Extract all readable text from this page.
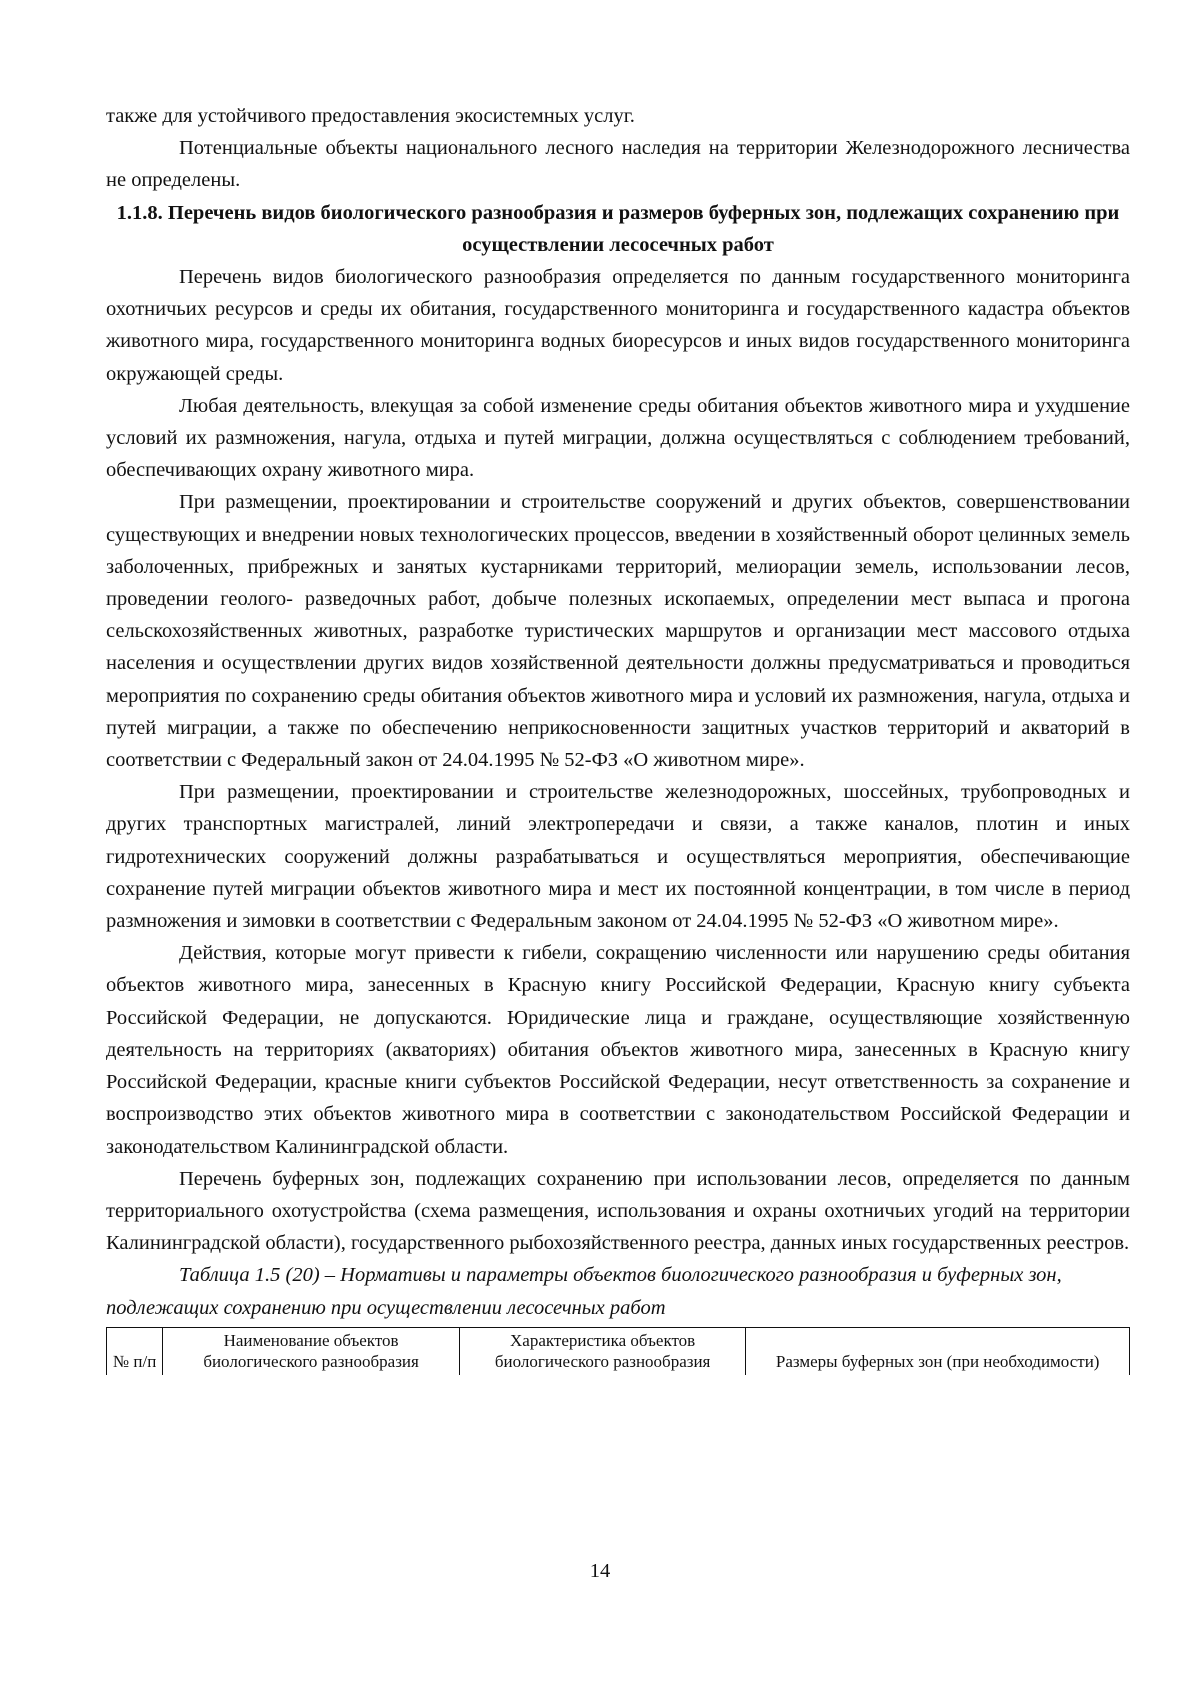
также для устойчивого предоставления экосистемных услуг.

Потенциальные объекты национального лесного наследия на территории Железнодорожного лесничества не определены.

1.1.8. Перечень видов биологического разнообразия и размеров буферных зон, подлежащих сохранению при осуществлении лесосечных работ

Перечень видов биологического разнообразия определяется по данным государственного мониторинга охотничьих ресурсов и среды их обитания, государственного мониторинга и государственного кадастра объектов животного мира, государственного мониторинга водных биоресурсов и иных видов государственного мониторинга окружающей среды.

Любая деятельность, влекущая за собой изменение среды обитания объектов животного мира и ухудшение условий их размножения, нагула, отдыха и путей миграции, должна осуществляться с соблюдением требований, обеспечивающих охрану животного мира.

При размещении, проектировании и строительстве сооружений и других объектов, совершенствовании существующих и внедрении новых технологических процессов, введении в хозяйственный оборот целинных земель заболоченных, прибрежных и занятых кустарниками территорий, мелиорации земель, использовании лесов, проведении геолого- разведочных работ, добыче полезных ископаемых, определении мест выпаса и прогона сельскохозяйственных животных, разработке туристических маршрутов и организации мест массового отдыха населения и осуществлении других видов хозяйственной деятельности должны предусматриваться и проводиться мероприятия по сохранению среды обитания объектов животного мира и условий их размножения, нагула, отдыха и путей миграции, а также по обеспечению неприкосновенности защитных участков территорий и акваторий в соответствии с Федеральный закон от 24.04.1995 № 52-ФЗ «О животном мире».

При размещении, проектировании и строительстве железнодорожных, шоссейных, трубопроводных и других транспортных магистралей, линий электропередачи и связи, а также каналов, плотин и иных гидротехнических сооружений должны разрабатываться и осуществляться мероприятия, обеспечивающие сохранение путей миграции объектов животного мира и мест их постоянной концентрации, в том числе в период размножения и зимовки в соответствии с Федеральным законом от 24.04.1995 № 52-ФЗ «О животном мире».

Действия, которые могут привести к гибели, сокращению численности или нарушению среды обитания объектов животного мира, занесенных в Красную книгу Российской Федерации, Красную книгу субъекта Российской Федерации, не допускаются. Юридические лица и граждане, осуществляющие хозяйственную деятельность на территориях (акваториях) обитания объектов животного мира, занесенных в Красную книгу Российской Федерации, красные книги субъектов Российской Федерации, несут ответственность за сохранение и воспроизводство этих объектов животного мира в соответствии с законодательством Российской Федерации и законодательством Калининградской области.

Перечень буферных зон, подлежащих сохранению при использовании лесов, определяется по данным территориального охотустройства (схема размещения, использования и охраны охотничьих угодий на территории Калининградской области), государственного рыбохозяйственного реестра, данных иных государственных реестров.

Таблица 1.5 (20) – Нормативы и параметры объектов биологического разнообразия и буферных зон, подлежащих сохранению при осуществлении лесосечных работ

№ п/п	Наименование объектов биологического разнообразия	Характеристика объектов биологического разнообразия	Размеры буферных зон (при необходимости)
14
